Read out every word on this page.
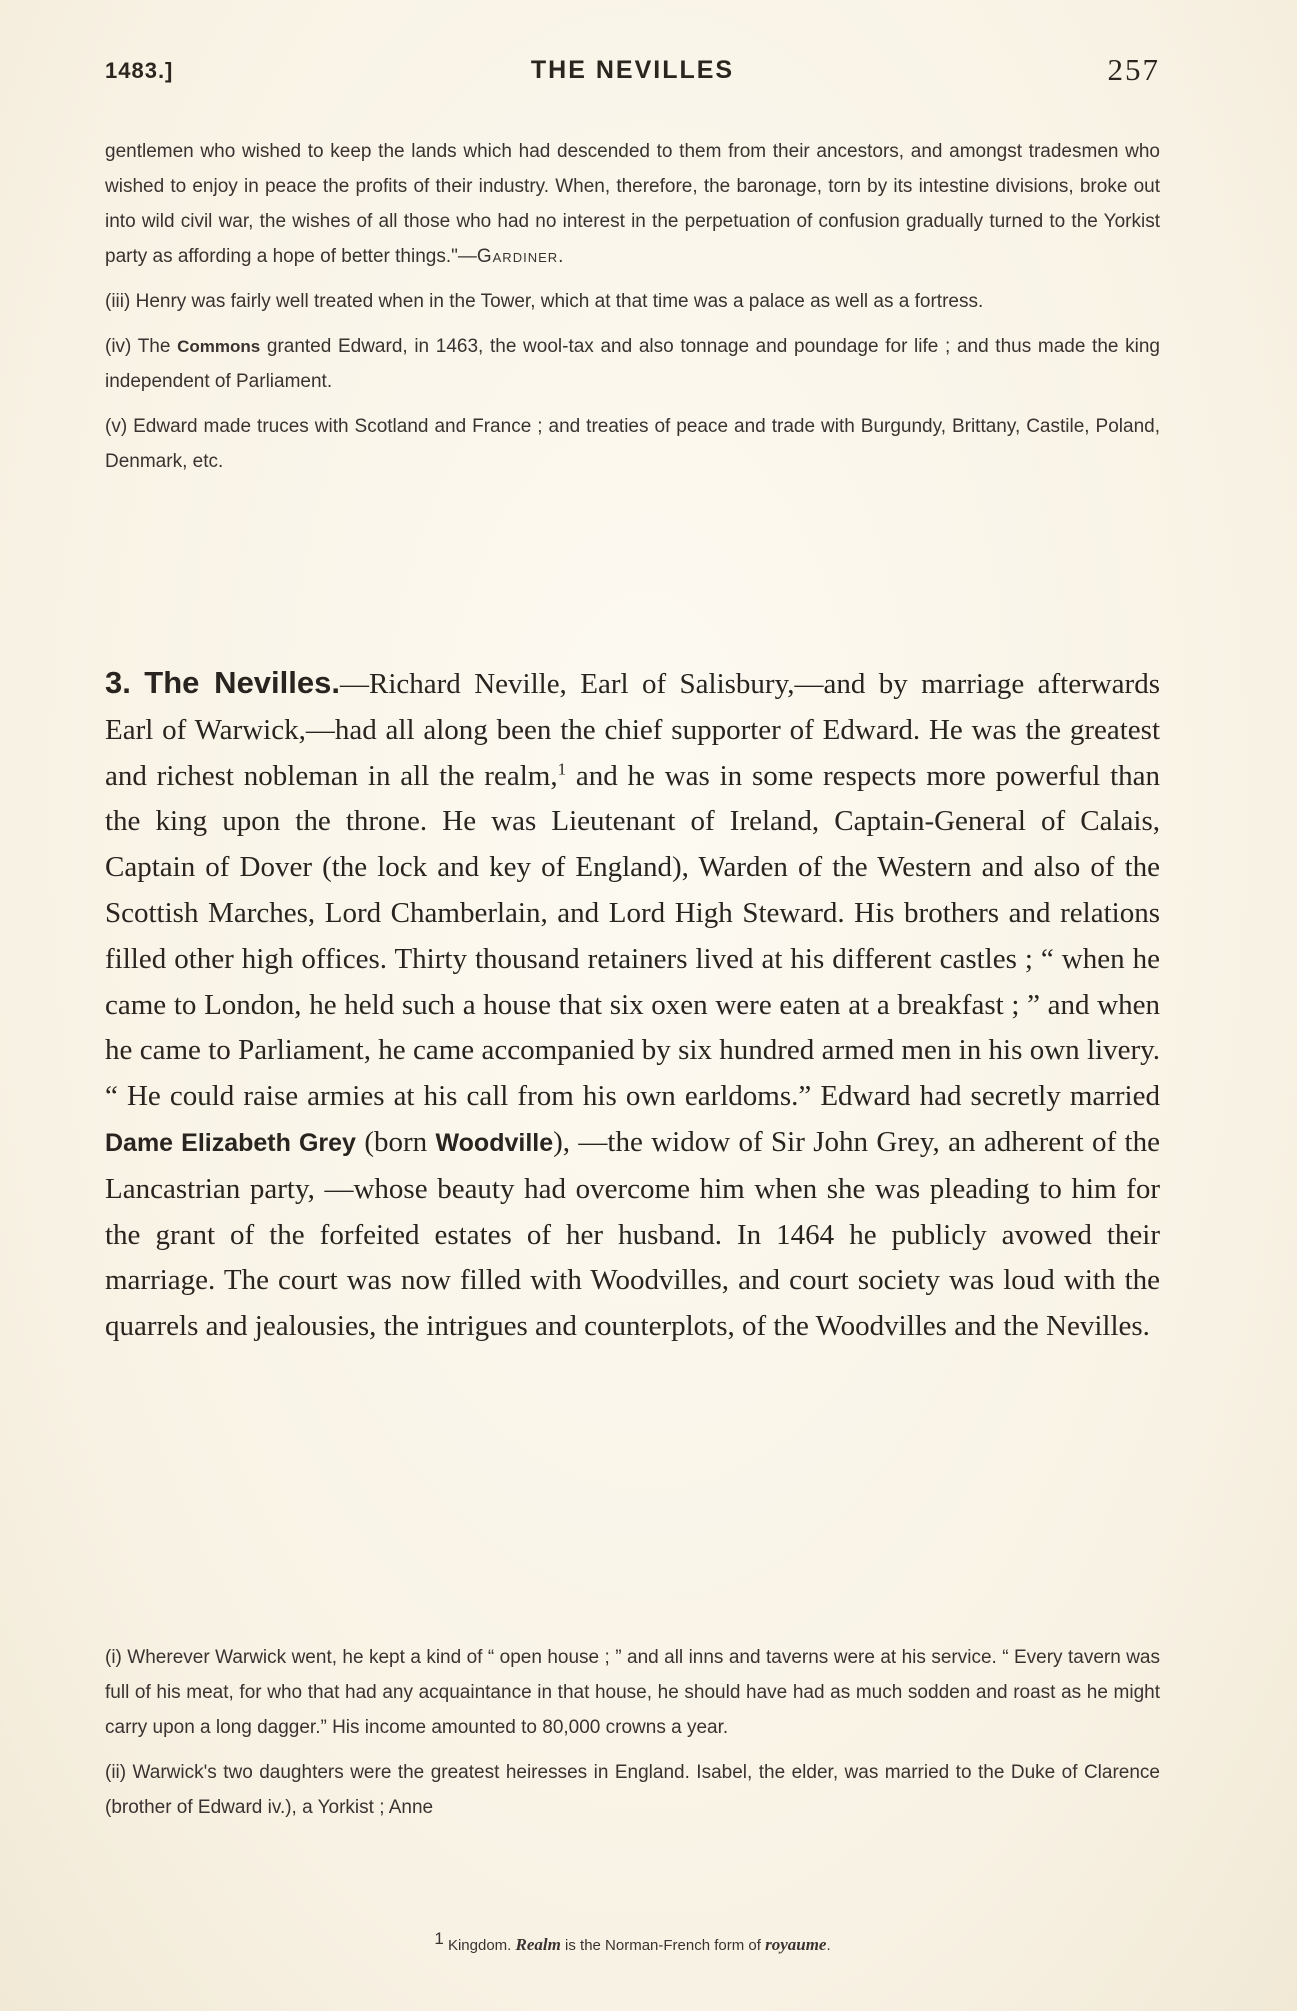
1483.]	THE NEVILLES	257

gentlemen who wished to keep the lands which had descended to them from their ancestors, and amongst tradesmen who wished to enjoy in peace the profits of their industry. When, therefore, the baronage, torn by its intestine divisions, broke out into wild civil war, the wishes of all those who had no interest in the perpetuation of confusion gradually turned to the Yorkist party as affording a hope of better things."—Gardiner.

(iii) Henry was fairly well treated when in the Tower, which at that time was a palace as well as a fortress.

(iv) The Commons granted Edward, in 1463, the wool-tax and also tonnage and poundage for life ; and thus made the king independent of Parliament.

(v) Edward made truces with Scotland and France ; and treaties of peace and trade with Burgundy, Brittany, Castile, Poland, Denmark, etc.

3. The Nevilles.—Richard Neville, Earl of Salisbury,—and by marriage afterwards Earl of Warwick,—had all along been the chief supporter of Edward. He was the greatest and richest nobleman in all the realm,$^1$ and he was in some respects more powerful than the king upon the throne. He was Lieutenant of Ireland, Captain-General of Calais, Captain of Dover (the lock and key of England), Warden of the Western and also of the Scottish Marches, Lord Chamberlain, and Lord High Steward. His brothers and relations filled other high offices. Thirty thousand retainers lived at his different castles ; “ when he came to London, he held such a house that six oxen were eaten at a breakfast ; ” and when he came to Parliament, he came accompanied by six hundred armed men in his own livery. “ He could raise armies at his call from his own earldoms.” Edward had secretly married Dame Elizabeth Grey (born Woodville), —the widow of Sir John Grey, an adherent of the Lancastrian party, —whose beauty had overcome him when she was pleading to him for the grant of the forfeited estates of her husband. In 1464 he publicly avowed their marriage. The court was now filled with Woodvilles, and court society was loud with the quarrels and jealousies, the intrigues and counterplots, of the Woodvilles and the Nevilles.

(i) Wherever Warwick went, he kept a kind of “ open house ; ” and all inns and taverns were at his service. “ Every tavern was full of his meat, for who that had any acquaintance in that house, he should have had as much sodden and roast as he might carry upon a long dagger.” His income amounted to 80,000 crowns a year.

(ii) Warwick's two daughters were the greatest heiresses in England. Isabel, the elder, was married to the Duke of Clarence (brother of Edward iv.), a Yorkist ; Anne

$^1$ Kingdom. Realm is the Norman-French form of royaume.
